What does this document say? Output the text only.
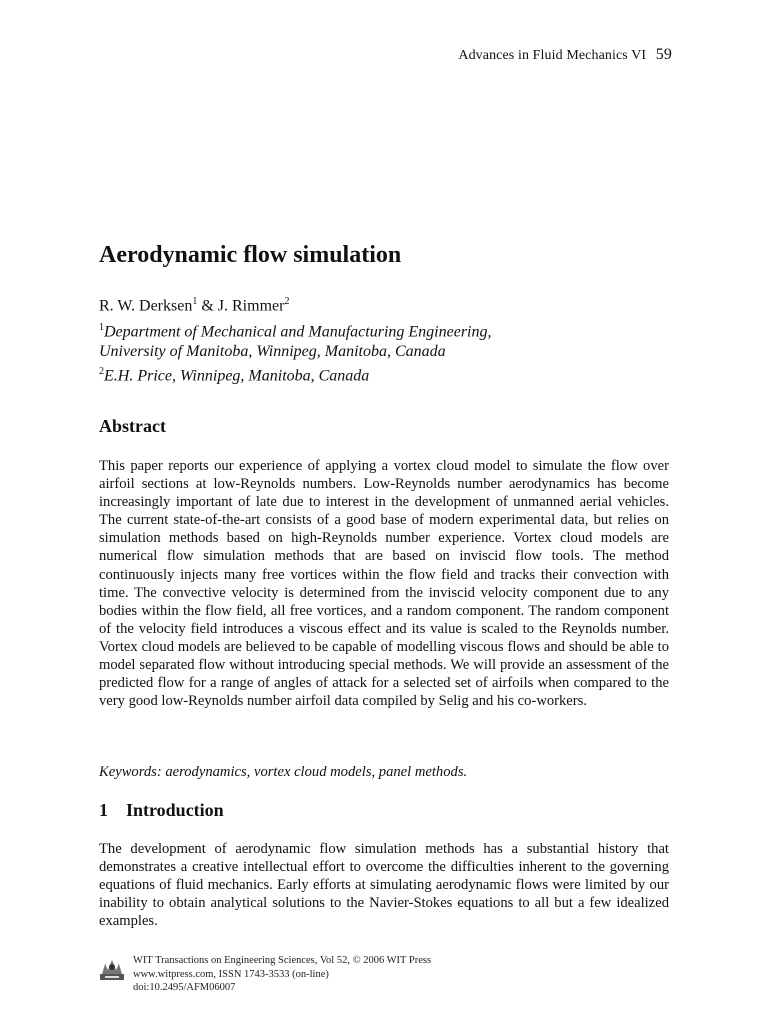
Advances in Fluid Mechanics VI 59
Aerodynamic flow simulation
R. W. Derksen$^1$ & J. Rimmer$^2$
$^1$Department of Mechanical and Manufacturing Engineering,
University of Manitoba, Winnipeg, Manitoba, Canada
$^2$E.H. Price, Winnipeg, Manitoba, Canada
Abstract

This paper reports our experience of applying a vortex cloud model to simulate the flow over airfoil sections at low-Reynolds numbers. Low-Reynolds number aerodynamics has become increasingly important of late due to interest in the development of unmanned aerial vehicles. The current state-of-the-art consists of a good base of modern experimental data, but relies on simulation methods based on high-Reynolds number experience. Vortex cloud models are numerical flow simulation methods that are based on inviscid flow tools. The method continuously injects many free vortices within the flow field and tracks their convection with time. The convective velocity is determined from the inviscid velocity component due to any bodies within the flow field, all free vortices, and a random component. The random component of the velocity field introduces a viscous effect and its value is scaled to the Reynolds number. Vortex cloud models are believed to be capable of modelling viscous flows and should be able to model separated flow without introducing special methods. We will provide an assessment of the predicted flow for a range of angles of attack for a selected set of airfoils when compared to the very good low-Reynolds number airfoil data compiled by Selig and his co-workers.

Keywords: aerodynamics, vortex cloud models, panel methods.
1 Introduction

The development of aerodynamic flow simulation methods has a substantial history that demonstrates a creative intellectual effort to overcome the difficulties inherent to the governing equations of fluid mechanics. Early efforts at simulating aerodynamic flows were limited by our inability to obtain analytical solutions to the Navier-Stokes equations to all but a few idealized examples.

WIT Transactions on Engineering Sciences, Vol 52, © 2006 WIT Press
www.witpress.com, ISSN 1743-3533 (on-line)
doi:10.2495/AFM06007
